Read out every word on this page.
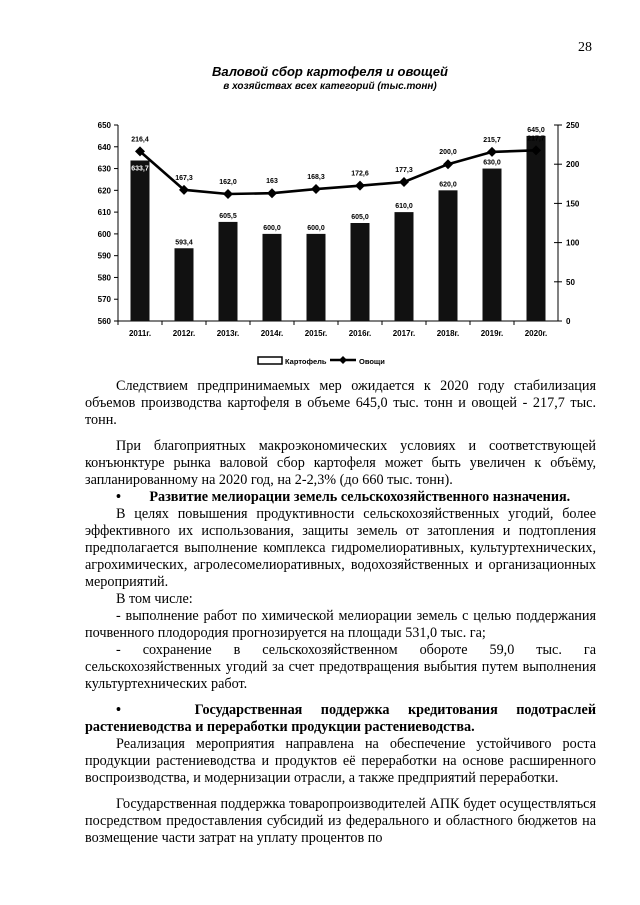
28
Валовой сбор картофеля и овощей
в хозяйствах всех категорий (тыс.тонн)
560
570
580
590
600
610
620
630
640
650
0
50
100
150
200
250
2011г.	2012г.	2013г.	2014г.	2015г.	2016г.	2017г.	2018г.	2019г.	2020г.
633,7
593,4
605,5
600,0	600,0
605,0
610,0
620,0
630,0
645,0
216,4
167,3
162,0	163
168,3	172,6
177,3
200,0
215,7	217,7
Картофель	Овощи

Следствием предпринимаемых мер ожидается к 2020 году стабилизация объемов производства картофеля в объеме 645,0 тыс. тонн и овощей - 217,7 тыс. тонн.

При благоприятных макроэкономических условиях и соответствующей конъюнктуре рынка валовой сбор картофеля может быть увеличен к объёму, запланированному на 2020 год, на 2-2,3% (до 660 тыс. тонн).

•        Развитие мелиорации земель сельскохозяйственного назначения.

В целях повышения продуктивности сельскохозяйственных угодий, более эффективного их использования, защиты земель от затопления и подтопления предполагается выполнение комплекса гидромелиоративных, культуртехнических, агрохимических, агролесомелиоративных, водохозяйственных и организационных мероприятий.

В том числе:

- выполнение работ по химической мелиорации земель с целью поддержания почвенного плодородия прогнозируется на площади 531,0 тыс. га;

- сохранение в сельскохозяйственном обороте 59,0 тыс. га сельскохозяйственных угодий за счет предотвращения выбытия путем выполнения культуртехнических работ.

•    Государственная поддержка кредитования подотраслей растениеводства и переработки продукции растениеводства.

Реализация мероприятия направлена на обеспечение устойчивого роста продукции растениеводства и продуктов её переработки на основе расширенного воспроизводства, и модернизации отрасли, а также предприятий переработки.

Государственная поддержка товаропроизводителей АПК будет осуществляться посредством предоставления субсидий из федерального и областного бюджетов на возмещение части затрат на уплату процентов по
